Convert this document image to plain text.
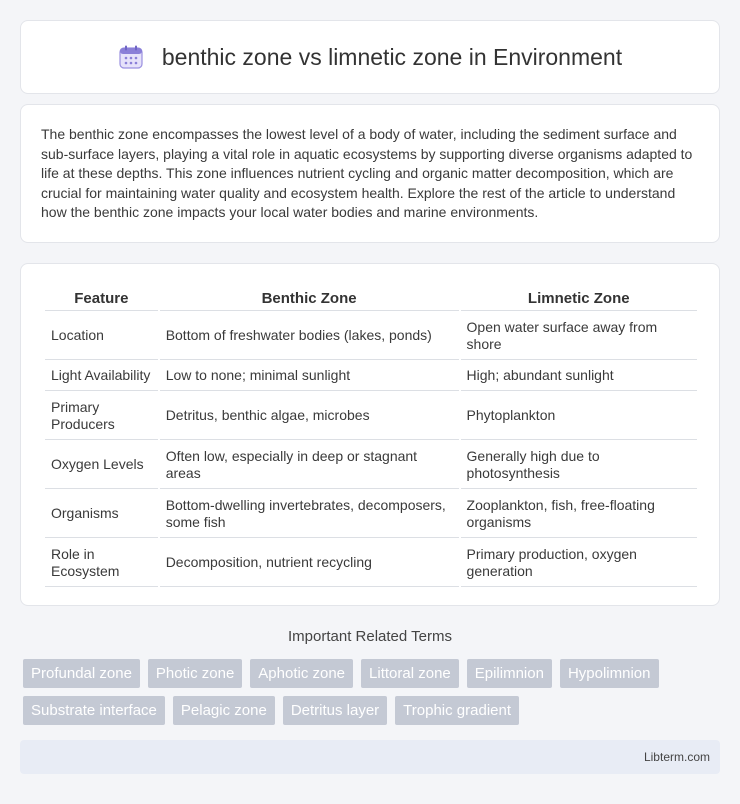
benthic zone vs limnetic zone in Environment

The benthic zone encompasses the lowest level of a body of water, including the sediment surface and sub-surface layers, playing a vital role in aquatic ecosystems by supporting diverse organisms adapted to life at these depths. This zone influences nutrient cycling and organic matter decomposition, which are crucial for maintaining water quality and ecosystem health. Explore the rest of the article to understand how the benthic zone impacts your local water bodies and marine environments.

Feature	Benthic Zone	Limnetic Zone
Location	Bottom of freshwater bodies (lakes, ponds)	Open water surface away from shore
Light Availability	Low to none; minimal sunlight	High; abundant sunlight
Primary Producers	Detritus, benthic algae, microbes	Phytoplankton
Oxygen Levels	Often low, especially in deep or stagnant areas	Generally high due to photosynthesis
Organisms	Bottom-dwelling invertebrates, decomposers, some fish	Zooplankton, fish, free-floating organisms
Role in Ecosystem	Decomposition, nutrient recycling	Primary production, oxygen generation
Important Related Terms
Profundal zone	Photic zone	Aphotic zone	Littoral zone	Epilimnion	Hypolimnion
Substrate interface	Pelagic zone	Detritus layer	Trophic gradient
Libterm.com
